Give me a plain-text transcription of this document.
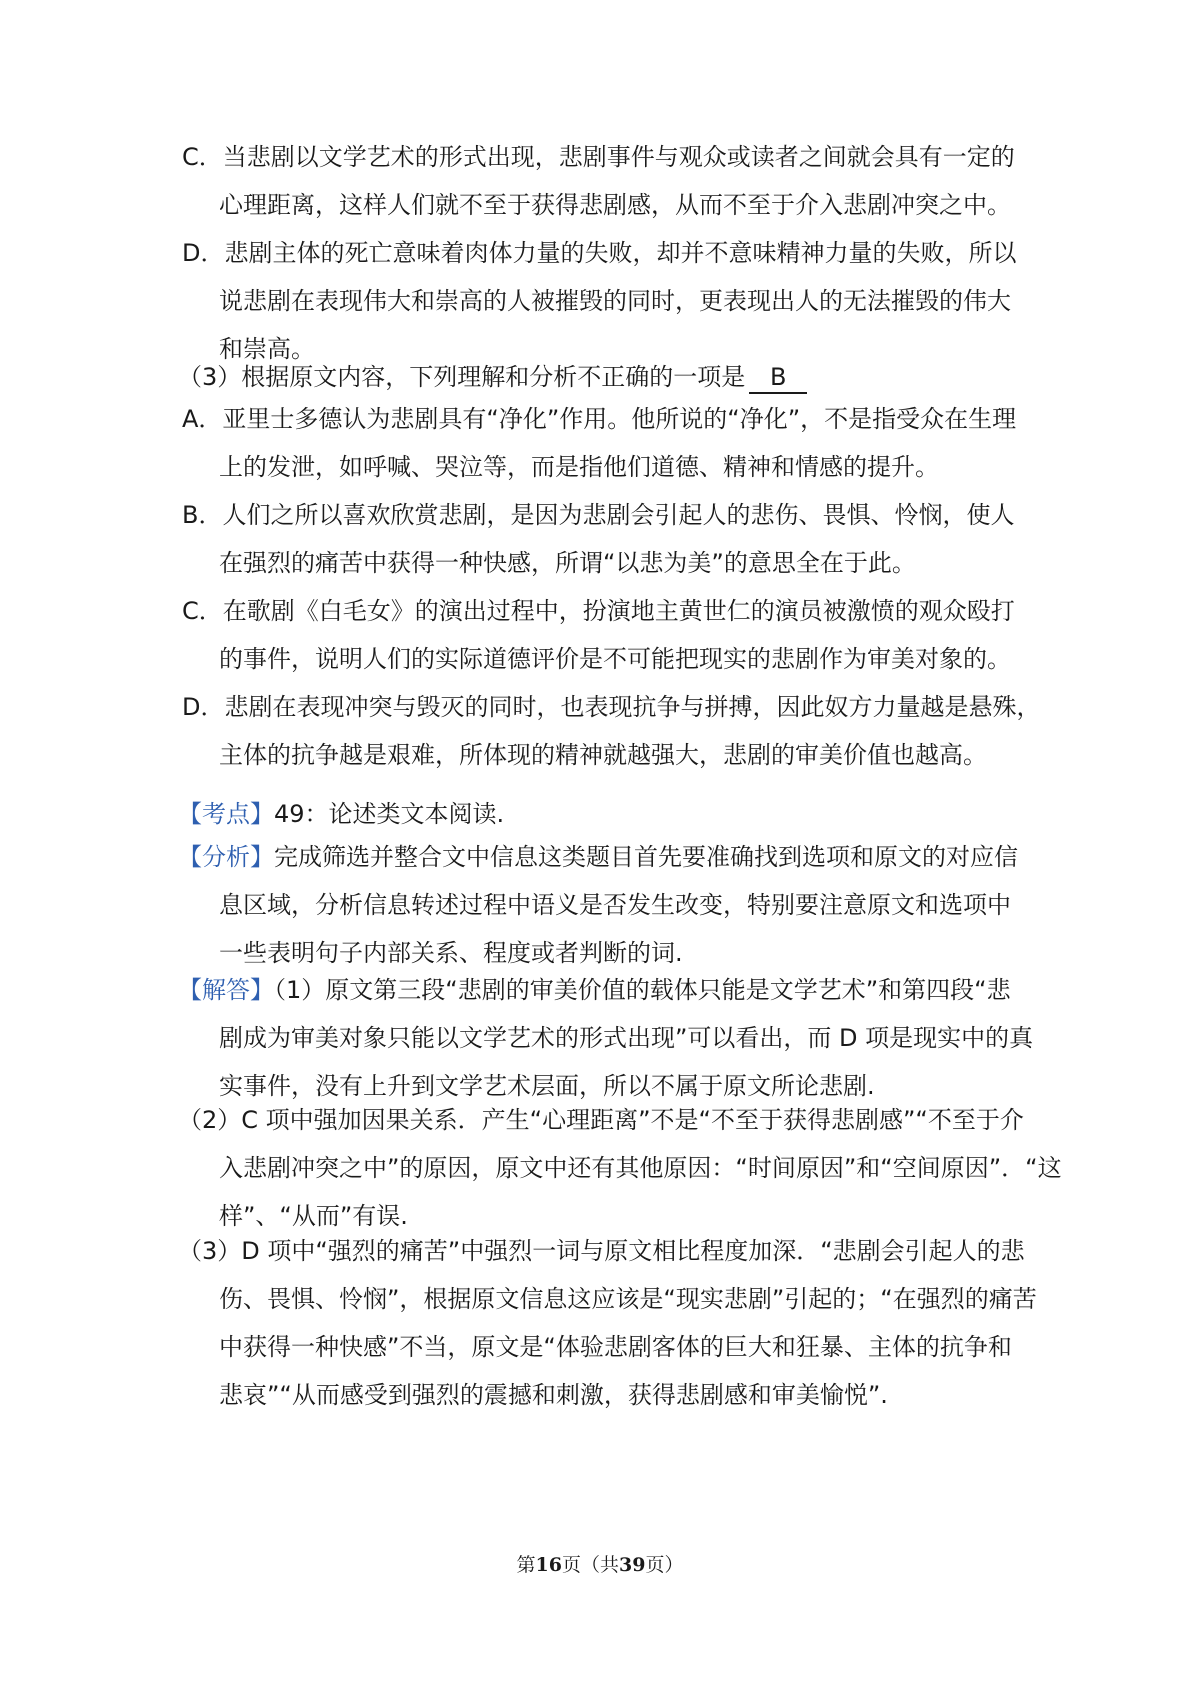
C．当悲剧以文学艺术的形式出现，悲剧事件与观众或读者之间就会具有一定的
心理距离，这样人们就不至于获得悲剧感，从而不至于介入悲剧冲突之中。
D．悲剧主体的死亡意味着肉体力量的失败，却并不意味精神力量的失败，所以
说悲剧在表现伟大和崇高的人被摧毁的同时，更表现出人的无法摧毁的伟大
和崇高。
（3）根据原文内容，下列理解和分析不正确的一项是 B
A．亚里士多德认为悲剧具有“净化”作用。他所说的“净化”，不是指受众在生理
上的发泄，如呼喊、哭泣等，而是指他们道德、精神和情感的提升。
B．人们之所以喜欢欣赏悲剧，是因为悲剧会引起人的悲伤、畏惧、怜悯，使人
在强烈的痛苦中获得一种快感，所谓“以悲为美”的意思全在于此。
C．在歌剧《白毛女》的演出过程中，扮演地主黄世仁的演员被激愤的观众殴打
的事件，说明人们的实际道德评价是不可能把现实的悲剧作为审美对象的。
D．悲剧在表现冲突与毁灭的同时，也表现抗争与拼搏，因此奴方力量越是悬殊，
主体的抗争越是艰难，所体现的精神就越强大，悲剧的审美价值也越高。
【考点】49：论述类文本阅读.
【分析】完成筛选并整合文中信息这类题目首先要准确找到选项和原文的对应信
息区域，分析信息转述过程中语义是否发生改变，特别要注意原文和选项中
一些表明句子内部关系、程度或者判断的词.
【解答】（1）原文第三段“悲剧的审美价值的载体只能是文学艺术”和第四段“悲
剧成为审美对象只能以文学艺术的形式出现”可以看出，而 D 项是现实中的真
实事件，没有上升到文学艺术层面，所以不属于原文所论悲剧.
（2）C 项中强加因果关系．产生“心理距离”不是“不至于获得悲剧感”“不至于介
入悲剧冲突之中”的原因，原文中还有其他原因：“时间原因”和“空间原因”．“这
样”、“从而”有误.
（3）D 项中“强烈的痛苦”中强烈一词与原文相比程度加深．“悲剧会引起人的悲
伤、畏惧、怜悯”，根据原文信息这应该是“现实悲剧”引起的；“在强烈的痛苦
中获得一种快感”不当，原文是“体验悲剧客体的巨大和狂暴、主体的抗争和
悲哀”“从而感受到强烈的震撼和刺激，获得悲剧感和审美愉悦”.
第16页（共39页）
